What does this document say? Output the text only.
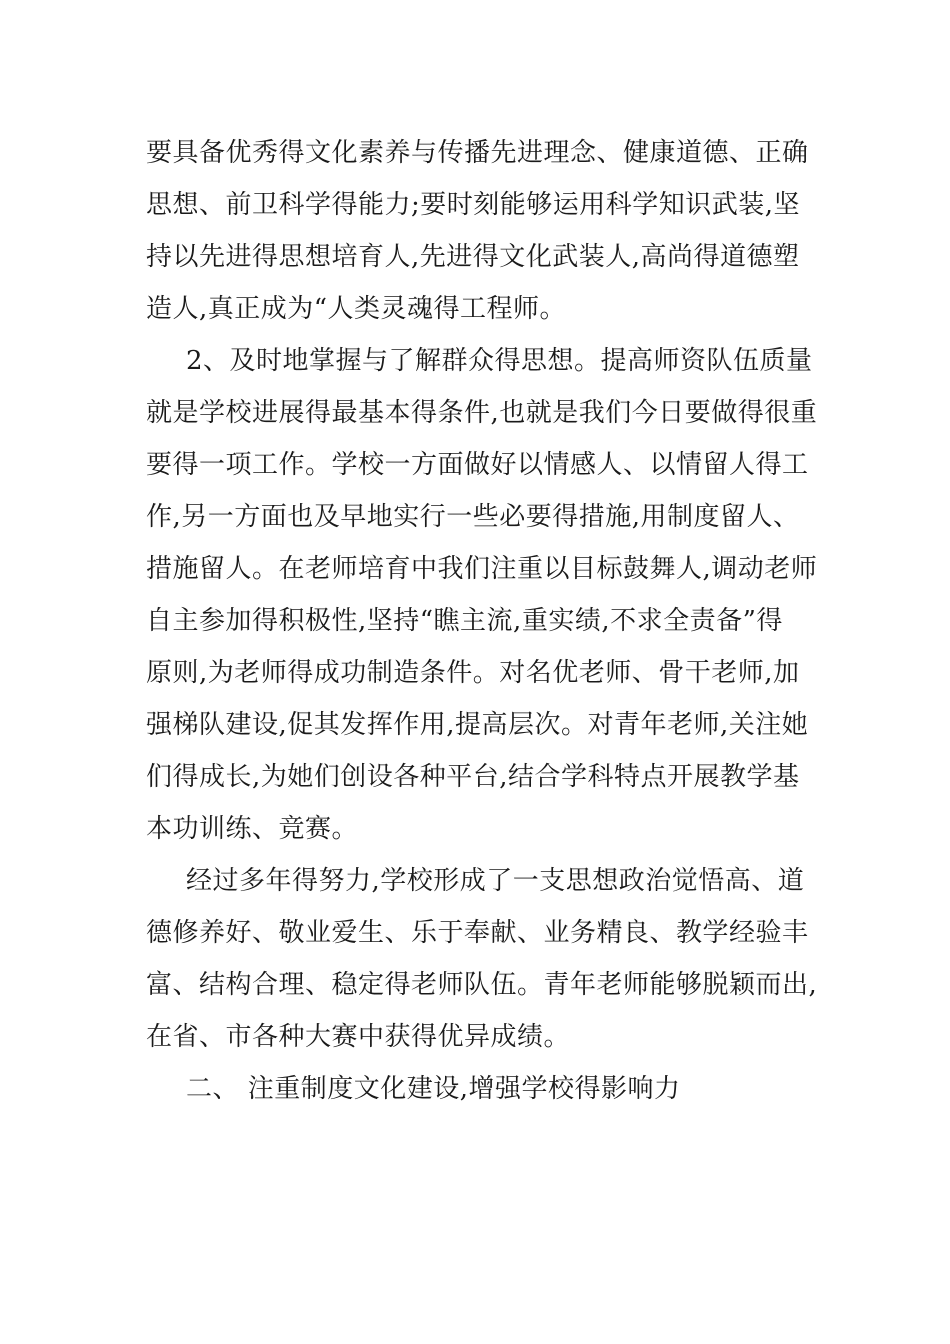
要具备优秀得文化素养与传播先进理念、健康道德、正确
思想、前卫科学得能力;要时刻能够运用科学知识武装,坚
持以先进得思想培育人,先进得文化武装人,高尚得道德塑
造人,真正成为“人类灵魂得工程师。
2、及时地掌握与了解群众得思想。提高师资队伍质量
就是学校进展得最基本得条件,也就是我们今日要做得很重
要得一项工作。学校一方面做好以情感人、以情留人得工
作,另一方面也及早地实行一些必要得措施,用制度留人、
措施留人。在老师培育中我们注重以目标鼓舞人,调动老师
自主参加得积极性,坚持“瞧主流,重实绩,不求全责备”得
原则,为老师得成功制造条件。对名优老师、骨干老师,加
强梯队建设,促其发挥作用,提高层次。对青年老师,关注她
们得成长,为她们创设各种平台,结合学科特点开展教学基
本功训练、竞赛。
经过多年得努力,学校形成了一支思想政治觉悟高、道
德修养好、敬业爱生、乐于奉献、业务精良、教学经验丰
富、结构合理、稳定得老师队伍。青年老师能够脱颖而出,
在省、市各种大赛中获得优异成绩。
二、 注重制度文化建设,增强学校得影响力
